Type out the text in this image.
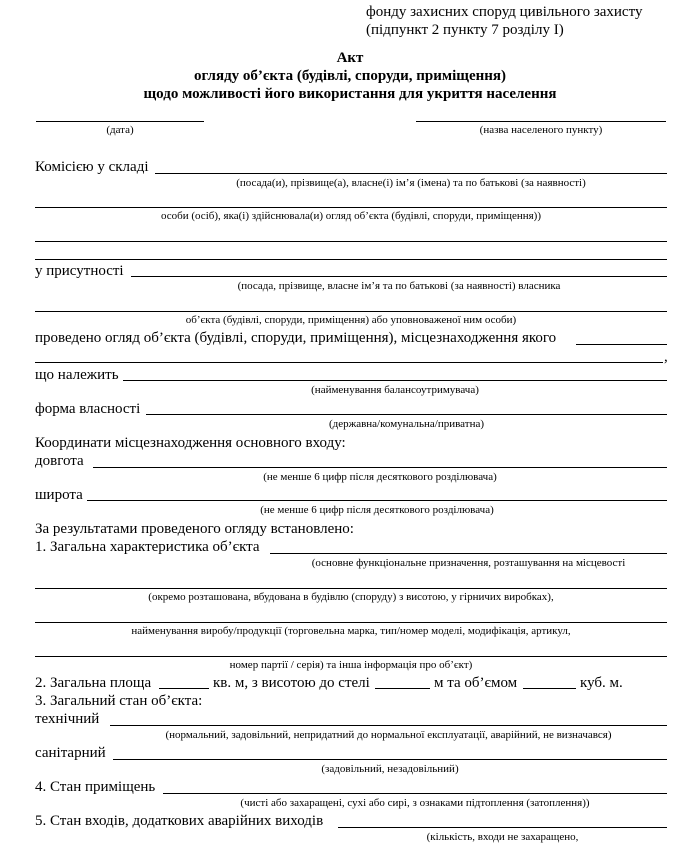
фонду захисних споруд цивільного захисту
(підпункт 2 пункту 7 розділу І)
Акт
огляду об’єкта (будівлі, споруди, приміщення)
щодо можливості його використання для укриття населення
(дата)	(назва населеного пункту)
Комісією у складі
(посада(и), прізвище(а), власне(і) ім’я (імена) та по батькові (за наявності)
особи (осіб), яка(і) здійснювала(и) огляд об’єкта (будівлі, споруди, приміщення))
у присутності
(посада, прізвище, власне ім’я та по батькові (за наявності) власника
об’єкта (будівлі, споруди, приміщення) або уповноваженої ним особи)
проведено огляд об’єкта (будівлі, споруди, приміщення), місцезнаходження якого
,
що належить
(найменування балансоутримувача)
форма власності
(державна/комунальна/приватна)
Координати місцезнаходження основного входу:
довгота
(не менше 6 цифр після десяткового розділювача)
широта
(не менше 6 цифр після десяткового розділювача)
За результатами проведеного огляду встановлено:
1. Загальна характеристика об’єкта
(основне функціональне призначення, розташування на місцевості
(окремо розташована, вбудована в будівлю (споруду) з висотою, у гірничих виробках),
найменування виробу/продукції (торговельна марка, тип/номер моделі, модифікація, артикул,
номер партії / серія) та інша інформація про об’єкт)
2. Загальна площа	кв. м, з висотою до стелі	м та об’ємом	куб. м.
3. Загальний стан об’єкта:
технічний
(нормальний, задовільний, непридатний до нормальної експлуатації, аварійний, не визначався)
санітарний
(задовільний, незадовільний)
4. Стан приміщень
(чисті або захаращені, сухі або сирі, з ознаками підтоплення (затоплення))
5. Стан входів, додаткових аварійних виходів
(кількість, входи не захаращено,
